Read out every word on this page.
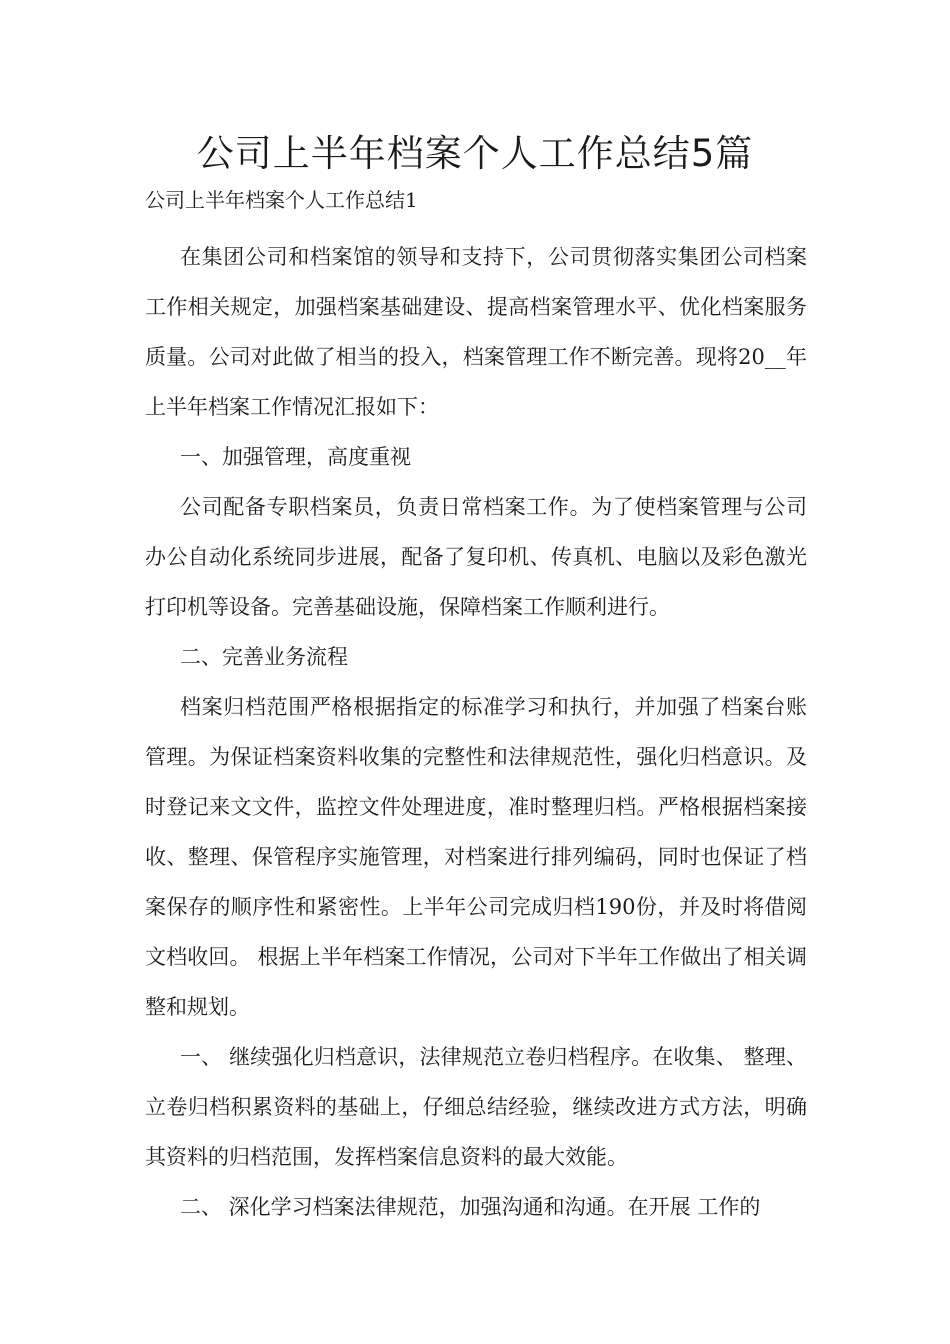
公司上半年档案个人工作总结5篇

公司上半年档案个人工作总结1

在集团公司和档案馆的领导和支持下，公司贯彻落实集团公司档案工作相关规定，加强档案基础建设、提高档案管理水平、优化档案服务质量。公司对此做了相当的投入，档案管理工作不断完善。现将20__年上半年档案工作情况汇报如下：

一、加强管理，高度重视

公司配备专职档案员，负责日常档案工作。为了使档案管理与公司办公自动化系统同步进展，配备了复印机、传真机、电脑以及彩色激光打印机等设备。完善基础设施，保障档案工作顺利进行。

二、完善业务流程

档案归档范围严格根据指定的标准学习和执行，并加强了档案台账管理。为保证档案资料收集的完整性和法律规范性，强化归档意识。及时登记来文文件，监控文件处理进度，准时整理归档。严格根据档案接收、整理、保管程序实施管理，对档案进行排列编码，同时也保证了档案保存的顺序性和紧密性。上半年公司完成归档190份，并及时将借阅文档收回。 根据上半年档案工作情况，公司对下半年工作做出了相关调整和规划。

一、 继续强化归档意识，法律规范立卷归档程序。在收集、 整理、立卷归档积累资料的基础上，仔细总结经验，继续改进方式方法，明确其资料的归档范围，发挥档案信息资料的最大效能。

二、 深化学习档案法律规范，加强沟通和沟通。在开展 工作的
